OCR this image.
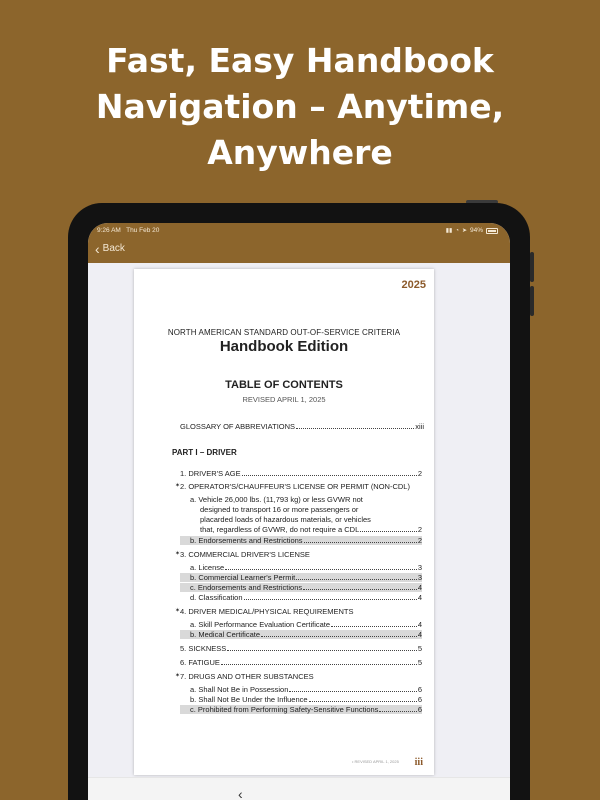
Fast, Easy Handbook
Navigation – Anytime,
Anywhere
9:26 AM Thu Feb 20	▮▮ ◔ ➤ 94%
‹ Back
2025
NORTH AMERICAN STANDARD OUT-OF-SERVICE CRITERIA
Handbook Edition
TABLE OF CONTENTS
REVISED APRIL 1, 2025
GLOSSARY OF ABBREVIATIONS	xiii
PART I – DRIVER
1. DRIVER'S AGE	2
✶ 2. OPERATOR'S/CHAUFFEUR'S LICENSE OR PERMIT (NON-CDL)
a. Vehicle 26,000 lbs. (11,793 kg) or less GVWR not
designed to transport 16 or more passengers or
placarded loads of hazardous materials, or vehicles
that, regardless of GVWR, do not require a CDL	2
b. Endorsements and Restrictions	2
✶ 3. COMMERCIAL DRIVER'S LICENSE
a. License	3
b. Commercial Learner's Permit	3
c. Endorsements and Restrictions	4
d. Classification	4
✶ 4. DRIVER MEDICAL/PHYSICAL REQUIREMENTS
a. Skill Performance Evaluation Certificate	4
b. Medical Certificate	4
5. SICKNESS	5
6. FATIGUE	5
✶ 7. DRUGS AND OTHER SUBSTANCES
a. Shall Not Be in Possession	6
b. Shall Not Be Under the Influence	6
c. Prohibited from Performing Safety-Sensitive Functions	6
• REVISED APRIL 1, 2025 iii
‹
